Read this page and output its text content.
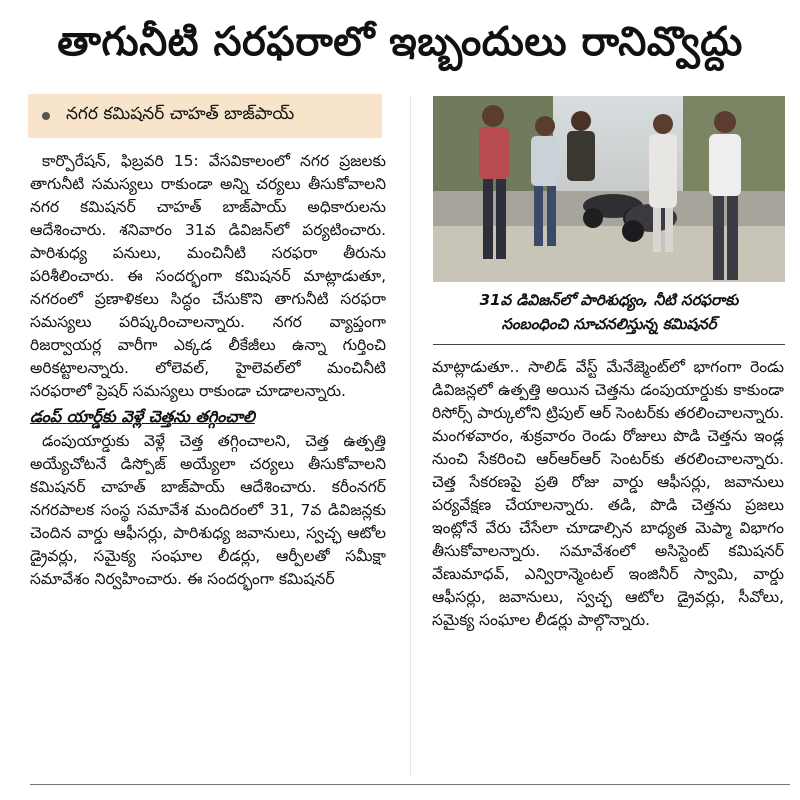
తాగునీటి సరఫరాలో ఇబ్బందులు రానివ్వొద్దు
నగర కమిషనర్ చాహత్ బాజ్‌పాయ్

కార్పొరేషన్, ఫిబ్రవరి 15: వేసవికాలంలో నగర ప్రజలకు తాగునీటి సమస్యలు రాకుండా అన్ని చర్యలు తీసుకోవాలని నగర కమిషనర్ చాహత్ బాజ్‌పాయ్ అధికారులను ఆదేశించారు. శనివారం 31వ డివిజన్‌లో పర్యటించారు. పారిశుధ్య పనులు, మంచినీటి సరఫరా తీరును పరిశీలించారు. ఈ సందర్భంగా కమిషనర్ మాట్లాడుతూ, నగరంలో ప్రణాళికలు సిద్ధం చేసుకొని తాగునీటి సరఫరా సమస్యలు పరిష్కరించాలన్నారు. నగర వ్యాప్తంగా రిజర్వాయర్ల వారీగా ఎక్కడ లీకేజీలు ఉన్నా గుర్తించి అరికట్టాలన్నారు. లోలెవల్, హైలెవల్‌లో మంచినీటి సరఫరాలో ప్రెషర్ సమస్యలు రాకుండా చూడాలన్నారు.

డంప్ యార్డ్‌కు వెళ్లే చెత్తను తగ్గించాలి

డంపుయార్డుకు వెళ్లే చెత్త తగ్గించాలని, చెత్త ఉత్పత్తి అయ్యేచోటనే డిస్పోజ్ అయ్యేలా చర్యలు తీసుకోవాలని కమిషనర్ చాహత్ బాజ్‌పాయ్ ఆదేశించారు. కరీంనగర్ నగరపాలక సంస్థ సమావేశ మందిరంలో 31, 7వ డివిజన్లకు చెందిన వార్డు ఆఫీసర్లు, పారిశుధ్య జవానులు, స్వచ్ఛ ఆటోల డ్రైవర్లు, సమైక్య సంఘాల లీడర్లు, ఆర్పీలతో సమీక్షా సమావేశం నిర్వహించారు. ఈ సందర్భంగా కమిషనర్

31వ డివిజన్‌లో పారిశుధ్యం, నీటి సరఫరాకు
సంబంధించి సూచనలిస్తున్న కమిషనర్

మాట్లాడుతూ.. సాలిడ్ వేస్ట్ మేనేజ్మెంట్‌లో భాగంగా రెండు డివిజన్లలో ఉత్పత్తి అయిన చెత్తను డంపుయార్డుకు కాకుండా రిసోర్స్ పార్కులోని ట్రిపుల్ ఆర్ సెంటర్‌కు తరలించాలన్నారు. మంగళవారం, శుక్రవారం రెండు రోజులు పొడి చెత్తను ఇండ్ల నుంచి సేకరించి ఆర్ఆర్ఆర్ సెంటర్‌కు తరలించాలన్నారు. చెత్త సేకరణపై ప్రతి రోజు వార్డు ఆఫీసర్లు, జవానులు పర్యవేక్షణ చేయాలన్నారు. తడి, పొడి చెత్తను ప్రజలు ఇంట్లోనే వేరు చేసేలా చూడాల్సిన బాధ్యత మెప్మా విభాగం తీసుకోవాలన్నారు. సమావేశంలో అసిస్టెంట్ కమిషనర్ వేణుమాధవ్, ఎన్విరాన్మెంటల్ ఇంజినీర్ స్వామి, వార్డు ఆఫీసర్లు, జవానులు, స్వచ్ఛ ఆటోల డ్రైవర్లు, సీవోలు, సమైక్య సంఘాల లీడర్లు పాల్గొన్నారు.
